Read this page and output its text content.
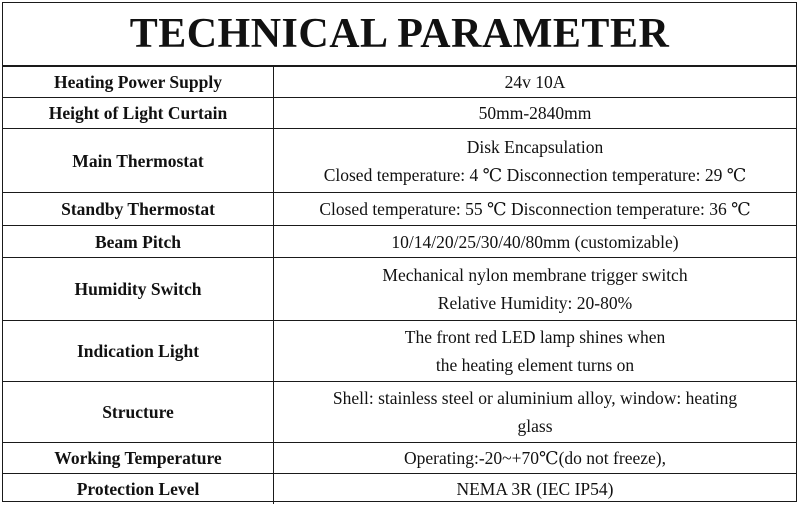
TECHNICAL PARAMETER
Heating Power Supply	24v 10A

Height of Light Curtain	50mm-2840mm

Main Thermostat	Disk Encapsulation
Closed temperature: 4 ℃ Disconnection temperature: 29 ℃

Standby Thermostat	Closed temperature: 55 ℃ Disconnection temperature: 36 ℃

Beam Pitch	10/14/20/25/30/40/80mm (customizable)

Humidity Switch	Mechanical nylon membrane trigger switch
Relative Humidity: 20-80%

Indication Light	The front red LED lamp shines when
the heating element turns on

Structure	Shell: stainless steel or aluminium alloy, window: heating
glass

Working Temperature	Operating:-20~+70℃(do not freeze),

Protection Level	NEMA 3R (IEC IP54)
